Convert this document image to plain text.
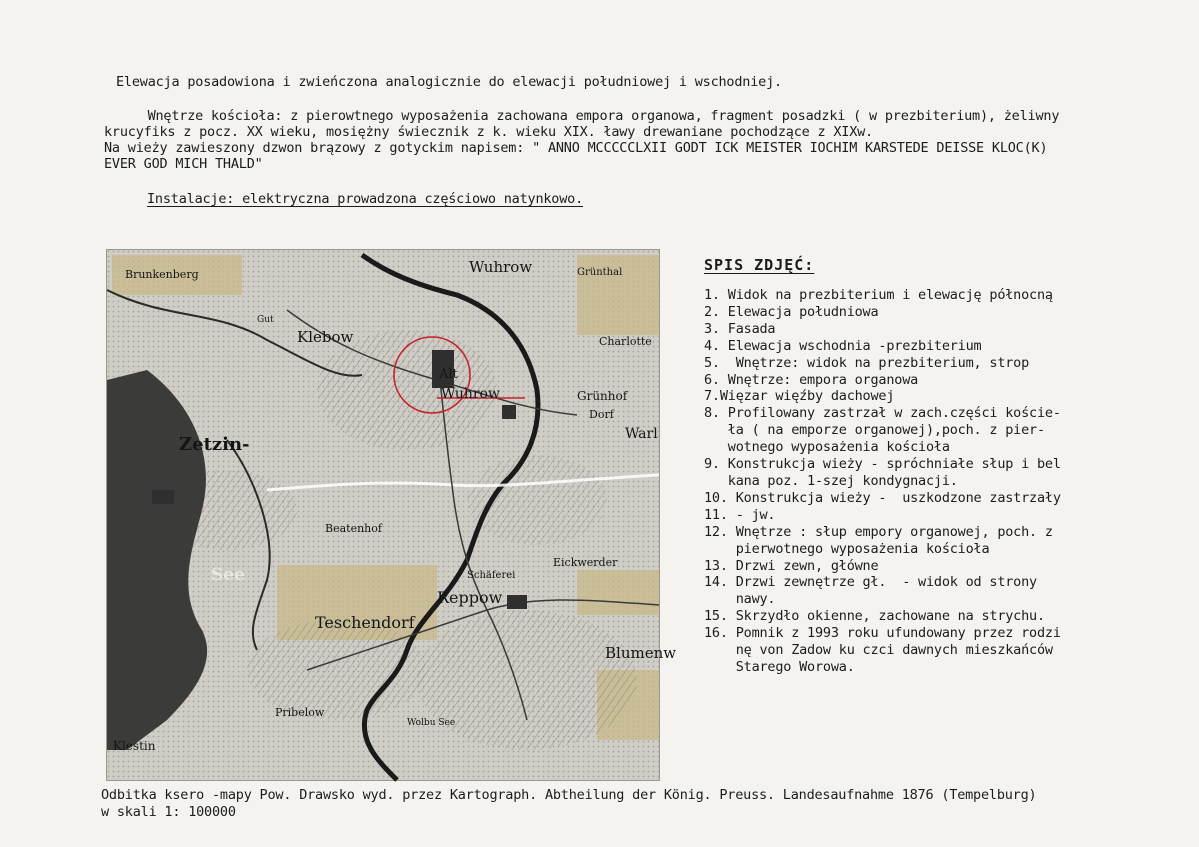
Elewacja posadowiona i zwieńczona analogicznie do elewacji południowej i wschodniej.
Wnętrze kościoła: z pierowtnego wyposażenia zachowana empora organowa, fragment posadzki ( w prezbiterium), żeliwny
krucyfiks z pocz. XX wieku, mosiężny świecznik z k. wieku XIX. ławy drewaniane pochodzące z XIXw.
Na wieży zawieszony dzwon brązowy z gotyckim napisem: " ANNO MCCCCCLXII GODT ICK MEISTER IOCHIM KARSTEDE DEISSE KLOC(K)
EVER GOD MICH THALD"
Instalacje: elektryczna prowadzona częściowo natynkowo.
Wuhrow
Klebow
Alt
Wuhrow
Zetzin-
See
Charlotte
Grünhof
Dorf
Warl
Beatenhof
Teschendorf
Reppow
Schäferei
Eickwerder
Blumenw
Pribelow
Klestin
Grünthal
Brunkenberg
Gut
Wolbu See
SPIS ZDJĘĆ:
1. Widok na prezbiterium i elewację północną
2. Elewacja południowa
3. Fasada
4. Elewacja wschodnia -prezbiterium
5.  Wnętrze: widok na prezbiterium, strop
6. Wnętrze: empora organowa
7.Więzar więźby dachowej
8. Profilowany zastrzał w zach.części koście-
ła ( na emporze organowej),poch. z pier-
wotnego wyposażenia kościoła
9. Konstrukcja wieży - spróchniałe słup i bel
kana poz. 1-szej kondygnacji.
10. Konstrukcja wieży -  uszkodzone zastrzały
11. - jw.
12. Wnętrze : słup empory organowej, poch. z
pierwotnego wyposażenia kościoła
13. Drzwi zewn, główne
14. Drzwi zewnętrze gł.  - widok od strony
nawy.
15. Skrzydło okienne, zachowane na strychu.
16. Pomnik z 1993 roku ufundowany przez rodzi
nę von Zadow ku czci dawnych mieszkańców
Starego Worowa.
Odbitka ksero -mapy Pow. Drawsko wyd. przez Kartograph. Abtheilung der König. Preuss. Landesaufnahme 1876 (Tempelburg)
w skali 1: 100000
